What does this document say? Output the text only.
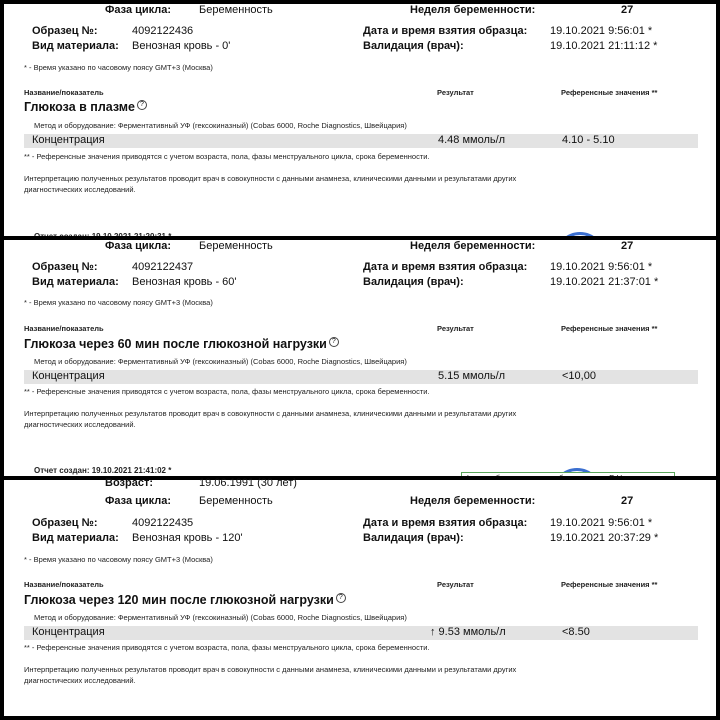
Фаза цикла:	Беременность	Неделя беременности:	27
Образец №:	4092122436	Дата и время взятия образца: 19.10.2021 9:56:01 *
Вид материала: Венозная кровь - 0'	Валидация (врач):	19.10.2021 21:11:12 *
* - Время указано по часовому поясу GMT+3 (Москва)
Название/показатель	Результат	Референсные значения **
Глюкоза в плазме ?
Метод и оборудование: Ферментативный УФ (гексокиназный) (Cobas 6000, Roche Diagnostics, Швейцария)
Концентрация	4.48 ммоль/л	4.10 - 5.10
** - Референсные значения приводятся с учетом возраста, пола, фазы менструального цикла, срока беременности.
Интерпретацию полученных результатов проводит врач в совокупности с данными анамнеза, клиническими данными и результатами других
диагностических исследований.
Фаза цикла:	Беременность	Неделя беременности:	27
Образец №:	4092122437	Дата и время взятия образца: 19.10.2021 9:56:01 *
Вид материала: Венозная кровь - 60'	Валидация (врач):	19.10.2021 21:37:01 *
* - Время указано по часовому поясу GMT+3 (Москва)
Название/показатель	Результат	Референсные значения **
Глюкоза через 60 мин после глюкозной нагрузки ?
Метод и оборудование: Ферментативный УФ (гексокиназный) (Cobas 6000, Roche Diagnostics, Швейцария)
Концентрация	5.15 ммоль/л	<10,00
** - Референсные значения приводятся с учетом возраста, пола, фазы менструального цикла, срока беременности.
Интерпретацию полученных результатов проводит врач в совокупности с данными анамнеза, клиническими данными и результатами других
диагностических исследований.
Отчет создан: 19.10.2021 21:41:02 *
Возраст:	19.06.1991 (30 лет)
Фаза цикла:	Беременность	Неделя беременности:	27
Образец №:	4092122435	Дата и время взятия образца: 19.10.2021 9:56:01 *
Вид материала: Венозная кровь - 120'	Валидация (врач):	19.10.2021 20:37:29 *
* - Время указано по часовому поясу GMT+3 (Москва)
Название/показатель	Результат	Референсные значения **
Глюкоза через 120 мин после глюкозной нагрузки ?
Метод и оборудование: Ферментативный УФ (гексокиназный) (Cobas 6000, Roche Diagnostics, Швейцария)
Концентрация	↑ 9.53 ммоль/л	<8.50
** - Референсные значения приводятся с учетом возраста, пола, фазы менструального цикла, срока беременности.
Интерпретацию полученных результатов проводит врач в совокупности с данными анамнеза, клиническими данными и результатами других
диагностических исследований.
